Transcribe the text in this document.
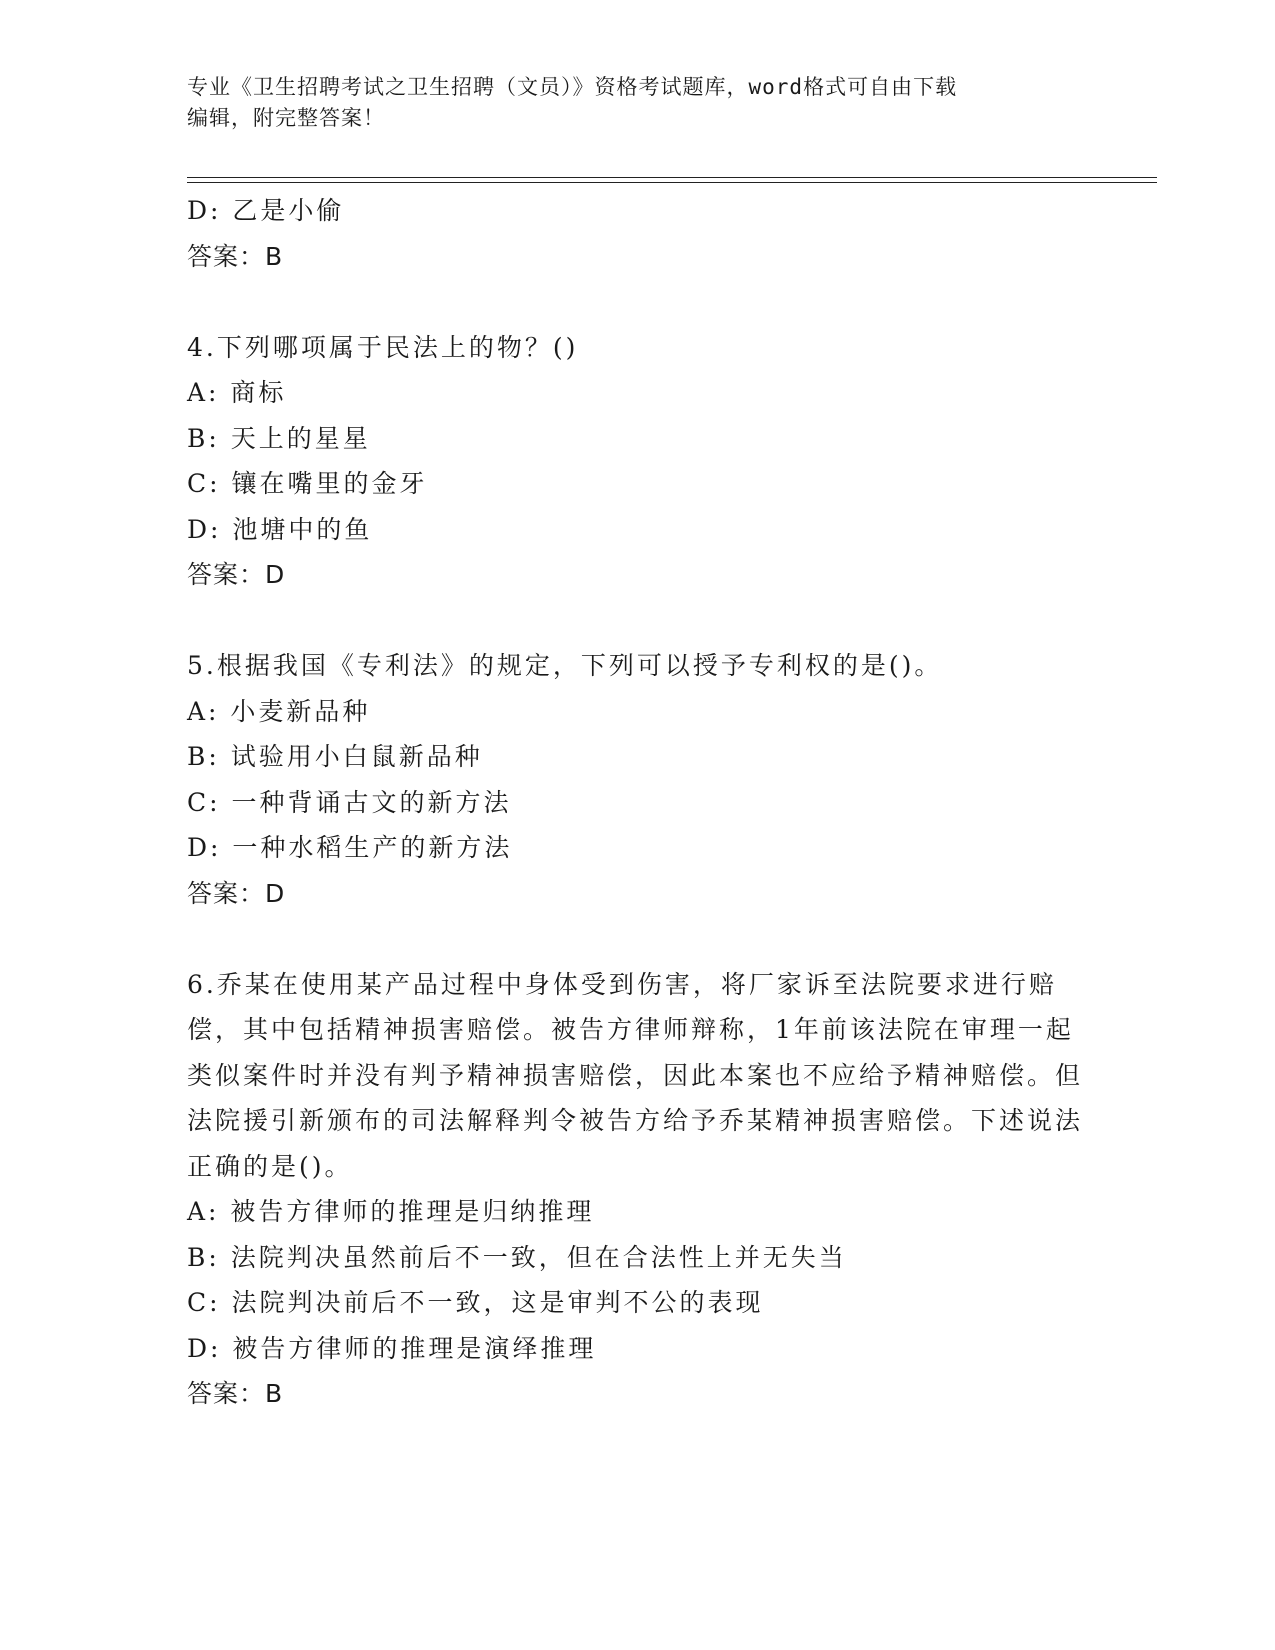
专业《卫生招聘考试之卫生招聘（文员）》资格考试题库，word格式可自由下载
编辑，附完整答案！
D: 乙是小偷
答案：B
4.下列哪项属于民法上的物？()
A: 商标
B: 天上的星星
C: 镶在嘴里的金牙
D: 池塘中的鱼
答案：D
5.根据我国《专利法》的规定，下列可以授予专利权的是()。
A: 小麦新品种
B: 试验用小白鼠新品种
C: 一种背诵古文的新方法
D: 一种水稻生产的新方法
答案：D
6.乔某在使用某产品过程中身体受到伤害，将厂家诉至法院要求进行赔偿，其中包括精神损害赔偿。被告方律师辩称，1年前该法院在审理一起类似案件时并没有判予精神损害赔偿，因此本案也不应给予精神赔偿。但法院援引新颁布的司法解释判令被告方给予乔某精神损害赔偿。下述说法正确的是()。
A: 被告方律师的推理是归纳推理
B: 法院判决虽然前后不一致，但在合法性上并无失当
C: 法院判决前后不一致，这是审判不公的表现
D: 被告方律师的推理是演绎推理
答案：B
